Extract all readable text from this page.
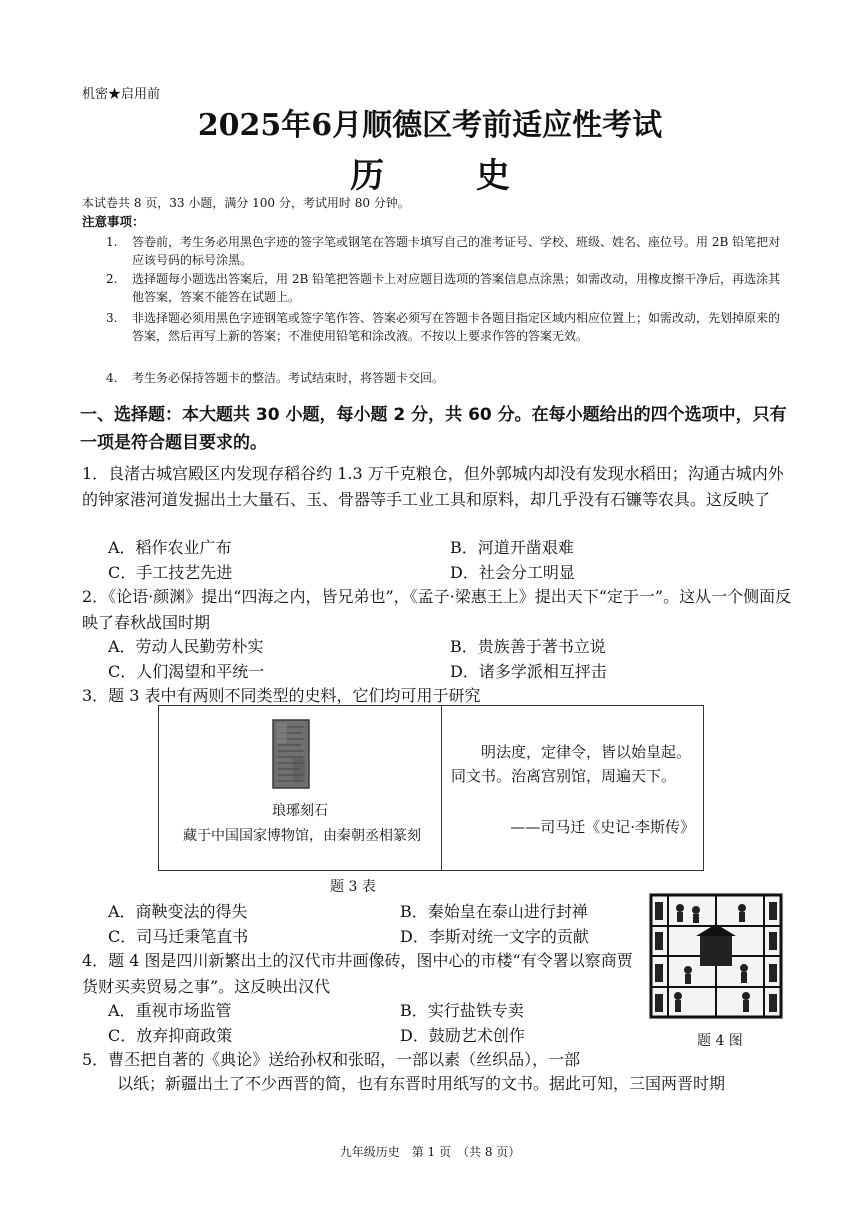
机密★启用前
2025年6月顺德区考前适应性考试
历 史
本试卷共 8 页，33 小题，满分 100 分，考试用时 80 分钟。
注意事项：
1.	答卷前，考生务必用黑色字迹的签字笔或钢笔在答题卡填写自己的准考证号、学校、班级、姓名、座位号。用 2B 铅笔把对应该号码的标号涂黑。
2.	选择题每小题选出答案后，用 2B 铅笔把答题卡上对应题目选项的答案信息点涂黑；如需改动，用橡皮擦干净后，再选涂其他答案，答案不能答在试题上。
3.	非选择题必须用黑色字迹钢笔或签字笔作答、答案必须写在答题卡各题目指定区域内相应位置上；如需改动，先划掉原来的答案，然后再写上新的答案；不准使用铅笔和涂改液。不按以上要求作答的答案无效。
4.	考生务必保持答题卡的整洁。考试结束时，将答题卡交回。
一、选择题：本大题共 30 小题，每小题 2 分，共 60 分。在每小题给出的四个选项中，只有一项是符合题目要求的。
1．良渚古城宫殿区内发现存稻谷约 1.3 万千克粮仓，但外郭城内却没有发现水稻田；沟通古城内外的钟家港河道发掘出土大量石、玉、骨器等手工业工具和原料，却几乎没有石镰等农具。这反映了
A．稻作农业广布	B．河道开凿艰难
C．手工技艺先进	D．社会分工明显
2．《论语·颜渊》提出“四海之内，皆兄弟也”，《孟子·梁惠王上》提出天下“定于一”。这从一个侧面反映了春秋战国时期
A．劳动人民勤劳朴实	B．贵族善于著书立说
C．人们渴望和平统一	D．诸多学派相互抨击
3．题 3 表中有两则不同类型的史料，它们均可用于研究
琅琊刻石
藏于中国国家博物馆，由秦朝丞相篆刻
明法度，定律令，皆以始皇起。同文书。治离宫别馆，周遍天下。
——司马迁《史记·李斯传》
题 3 表
A．商鞅变法的得失	B．秦始皇在泰山进行封禅
C．司马迁秉笔直书	D．李斯对统一文字的贡献
4．题 4 图是四川新繁出土的汉代市井画像砖，图中心的市楼“有令署以察商贾货财买卖贸易之事”。这反映出汉代
A．重视市场监管	B．实行盐铁专卖
C．放弃抑商政策	D．鼓励艺术创作	题 4 图
5．曹丕把自著的《典论》送给孙权和张昭，一部以素（丝织品），一部
以纸；新疆出土了不少西晋的简，也有东晋时用纸写的文书。据此可知，三国两晋时期
九年级历史　第 1 页　（共 8 页）
